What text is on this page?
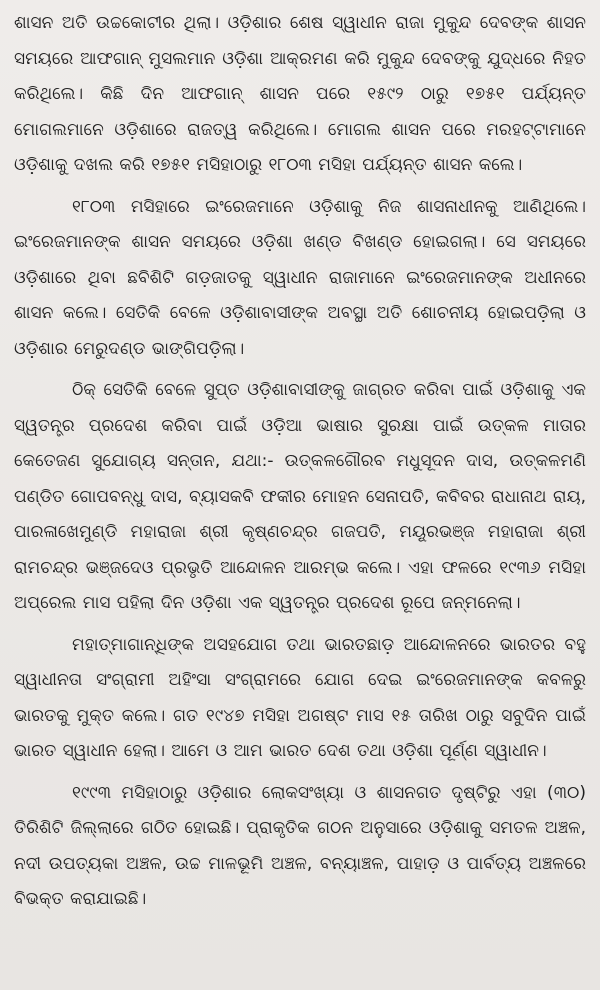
ଶାସନ ଅତି ଉଚ୍ଚକୋଟୀର ଥିଲା। ଓଡ଼ିଶାର ଶେଷ ସ୍ୱାଧୀନ ରାଜା ମୁକୁନ୍ଦ ଦେବଙ୍କ ଶାସନ ସମୟରେ ଆଫଗାନ୍ ମୁସଲମାନ ଓଡ଼ିଶା ଆକ୍ରମଣ କରି ମୁକୁନ୍ଦ ଦେବଙ୍କୁ ଯୁଦ୍ଧରେ ନିହତ କରିଥିଲେ। କିଛି ଦିନ ଆଫଗାନ୍ ଶାସନ ପରେ ୧୫୯୨ ଠାରୁ ୧୭୫୧ ପର୍ଯ୍ୟନ୍ତ ମୋଗଲମାନେ ଓଡ଼ିଶାରେ ରାଜତ୍ୱ କରିଥିଲେ। ମୋଗଲ ଶାସନ ପରେ ମରହଟ୍ଟାମାନେ ଓଡ଼ିଶାକୁ ଦଖଲ କରି ୧୭୫୧ ମସିହାଠାରୁ ୧୮୦୩ ମସିହା ପର୍ଯ୍ୟନ୍ତ ଶାସନ କଲେ।

୧୮୦୩ ମସିହାରେ ଇଂରେଜମାନେ ଓଡ଼ିଶାକୁ ନିଜ ଶାସନାଧୀନକୁ ଆଣିଥିଲେ। ଇଂରେଜମାନଙ୍କ ଶାସନ ସମୟରେ ଓଡ଼ିଶା ଖଣ୍ଡ ବିଖଣ୍ଡ ହୋଇଗଲା। ସେ ସମୟରେ ଓଡ଼ିଶାରେ ଥିବା ଛବିଶିଟି ଗଡ଼ଜାତକୁ ସ୍ୱାଧୀନ ରାଜାମାନେ ଇଂରେଜମାନଙ୍କ ଅଧୀନରେ ଶାସନ କଲେ। ସେତିକି ବେଳେ ଓଡ଼ିଶାବାସୀଙ୍କ ଅବସ୍ଥା ଅତି ଶୋଚନୀୟ ହୋଇପଡ଼ିଲା ଓ ଓଡ଼ିଶାର ମେରୁଦଣ୍ଡ ଭାଙ୍ଗିପଡ଼ିଲା।

ଠିକ୍ ସେତିକି ବେଳେ ସୁପ୍ତ ଓଡ଼ିଶାବାସୀଙ୍କୁ ଜାଗ୍ରତ କରିବା ପାଇଁ ଓଡ଼ିଶାକୁ ଏକ ସ୍ୱତନ୍ତ୍ର ପ୍ରଦେଶ କରିବା ପାଇଁ ଓଡ଼ିଆ ଭାଷାର ସୁରକ୍ଷା ପାଇଁ ଉତ୍କଳ ମାତାର କେତେଜଣ ସୁଯୋଗ୍ୟ ସନ୍ତାନ, ଯଥା:- ଉତ୍କଳଗୌରବ ମଧୁସୂଦନ ଦାସ, ଉତ୍କଳମଣି ପଣ୍ଡିତ ଗୋପବନ୍ଧୁ ଦାସ, ବ୍ୟାସକବି ଫକୀର ମୋହନ ସେନାପତି, କବିବର ରାଧାନାଥ ରାୟ, ପାରଳାଖେମୁଣ୍ଡି ମହାରାଜା ଶ୍ରୀ କୃଷ୍ଣଚନ୍ଦ୍ର ଗଜପତି, ମୟୂରଭଞ୍ଜ ମହାରାଜା ଶ୍ରୀ ରାମଚନ୍ଦ୍ର ଭଞ୍ଜଦେଓ ପ୍ରଭୃତି ଆନ୍ଦୋଳନ ଆରମ୍ଭ କଲେ। ଏହା ଫଳରେ ୧୯୩୬ ମସିହା ଅପ୍ରେଲ ମାସ ପହିଲା ଦିନ ଓଡ଼ିଶା ଏକ ସ୍ୱତନ୍ତ୍ର ପ୍ରଦେଶ ରୂପେ ଜନ୍ମନେଲା।

ମହାତ୍ମାଗାନ୍ଧିଙ୍କ ଅସହଯୋଗ ତଥା ଭାରତଛାଡ଼ ଆନ୍ଦୋଳନରେ ଭାରତର ବହୁ ସ୍ୱାଧୀନତା ସଂଗ୍ରାମୀ ଅହିଂସା ସଂଗ୍ରାମରେ ଯୋଗ ଦେଇ ଇଂରେଜମାନଙ୍କ କବଳରୁ ଭାରତକୁ ମୁକ୍ତ କଲେ। ଗତ ୧୯୪୭ ମସିହା ଅଗଷ୍ଟ ମାସ ୧୫ ତାରିଖ ଠାରୁ ସବୁଦିନ ପାଇଁ ଭାରତ ସ୍ୱାଧୀନ ହେଲା। ଆମେ ଓ ଆମ ଭାରତ ଦେଶ ତଥା ଓଡ଼ିଶା ପୂର୍ଣ୍ଣ ସ୍ୱାଧୀନ।

୧୯୯୩ ମସିହାଠାରୁ ଓଡ଼ିଶାର ଲୋକସଂଖ୍ୟା ଓ ଶାସନଗତ ଦୃଷ୍ଟିରୁ ଏହା (୩୦) ତିରିଶିଟି ଜିଲ୍ଲାରେ ଗଠିତ ହୋଇଛି। ପ୍ରାକୃତିକ ଗଠନ ଅନୁସାରେ ଓଡ଼ିଶାକୁ ସମତଳ ଅଞ୍ଚଳ, ନଦୀ ଉପତ୍ୟକା ଅଞ୍ଚଳ, ଉଚ୍ଚ ମାଳଭୂମି ଅଞ୍ଚଳ, ବନ୍ୟାଞ୍ଚଳ, ପାହାଡ଼ ଓ ପାର୍ବତ୍ୟ ଅଞ୍ଚଳରେ ବିଭକ୍ତ କରାଯାଇଛି।
